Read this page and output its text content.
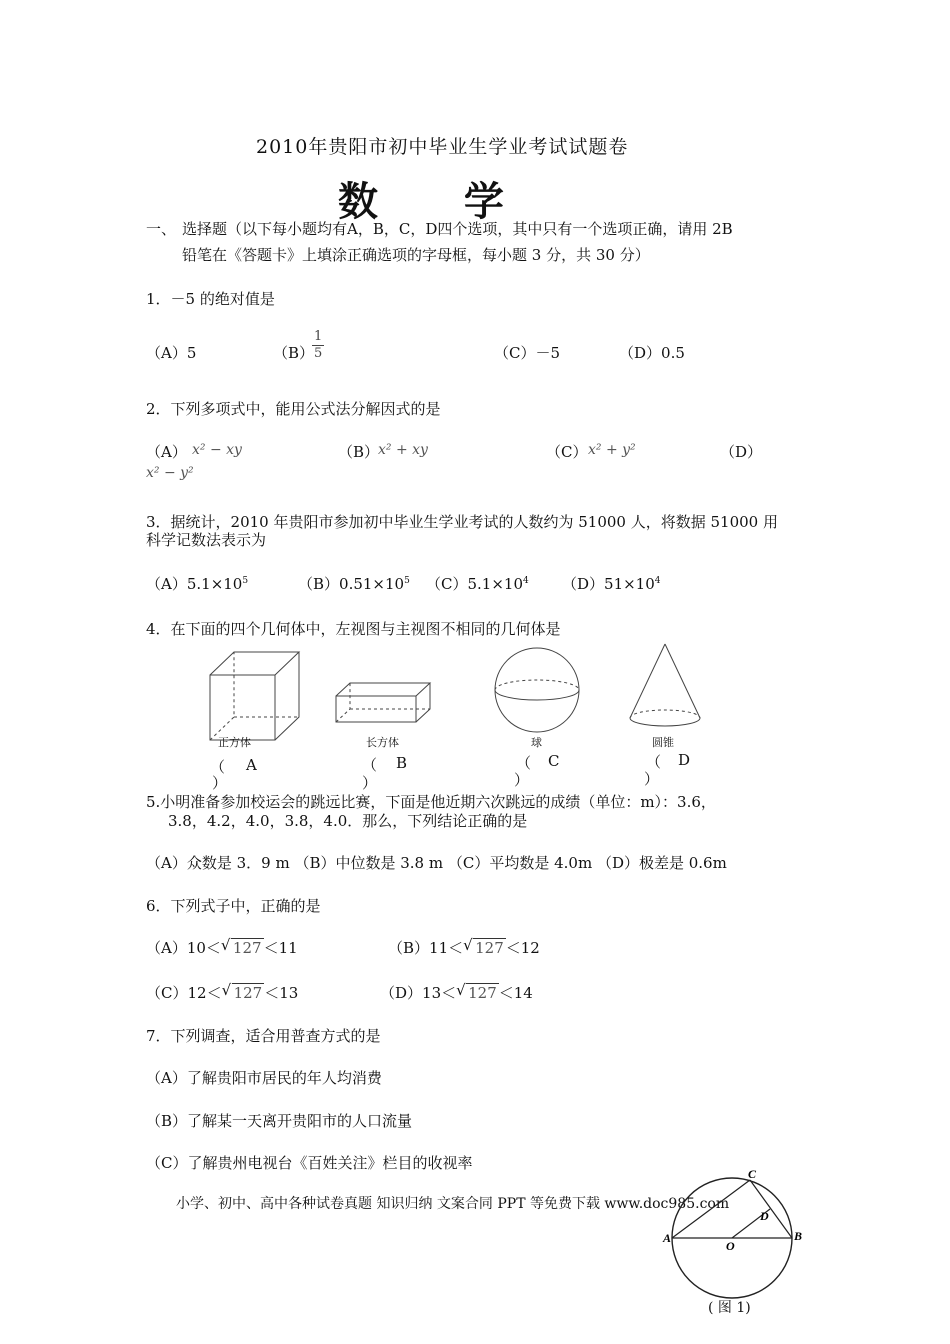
2010年贵阳市初中毕业生学业考试试题卷
数 学
一、 选择题（以下每小题均有A，B，C，D四个选项，其中只有一个选项正确，请用 2B
铅笔在《答题卡》上填涂正确选项的字母框，每小题 3 分，共 30 分）
1．－5 的绝对值是
（A）5	（B）
$\frac{1}{5}$	（C）－5	（D）0.5
2．下列多项式中，能用公式法分解因式的是
（A） x² − xy	（B）
x² + xy	（C） x² + y²	（D）
x² − y²
3．据统计，2010 年贵阳市参加初中毕业生学业考试的人数约为 51000 人，将数据 51000 用
科学记数法表示为
$(A)5.1\times 10^5$	$(B)0.51\times 10^5$ $(C)5.1\times 10^4$ $(D)51\times 10^4$
4．在下面的四个几何体中，左视图与主视图不相同的几何体是
正方体	长方体	球	圆锥
（ A
）
（ B
）
（ C
）
（ D
）
5.小明准备参加校运会的跳远比赛，下面是他近期六次跳远的成绩（单位：m）：3.6，
3.8，4.2，4.0，3.8，4.0．那么，下列结论正确的是
（A）众数是 3．9 m （B）中位数是 3.8 m （C）平均数是 4.0m （D）极差是 0.6m
6．下列式子中，正确的是
（A）10＜ √ 127 ＜11	（B）11＜ √ 127 ＜12
（C）12＜ √ 127 ＜13	（D）13＜ √ 127 ＜14
7．下列调查，适合用普查方式的是
（A）了解贵阳市居民的年人均消费
（B）了解某一天离开贵阳市的人口流量
（C）了解贵州电视台《百姓关注》栏目的收视率
小学、初中、高中各种试卷真题 知识归纳 文案合同 PPT 等免费下载 www.doc985.com
C
D
A
O
B
( 图 1)
